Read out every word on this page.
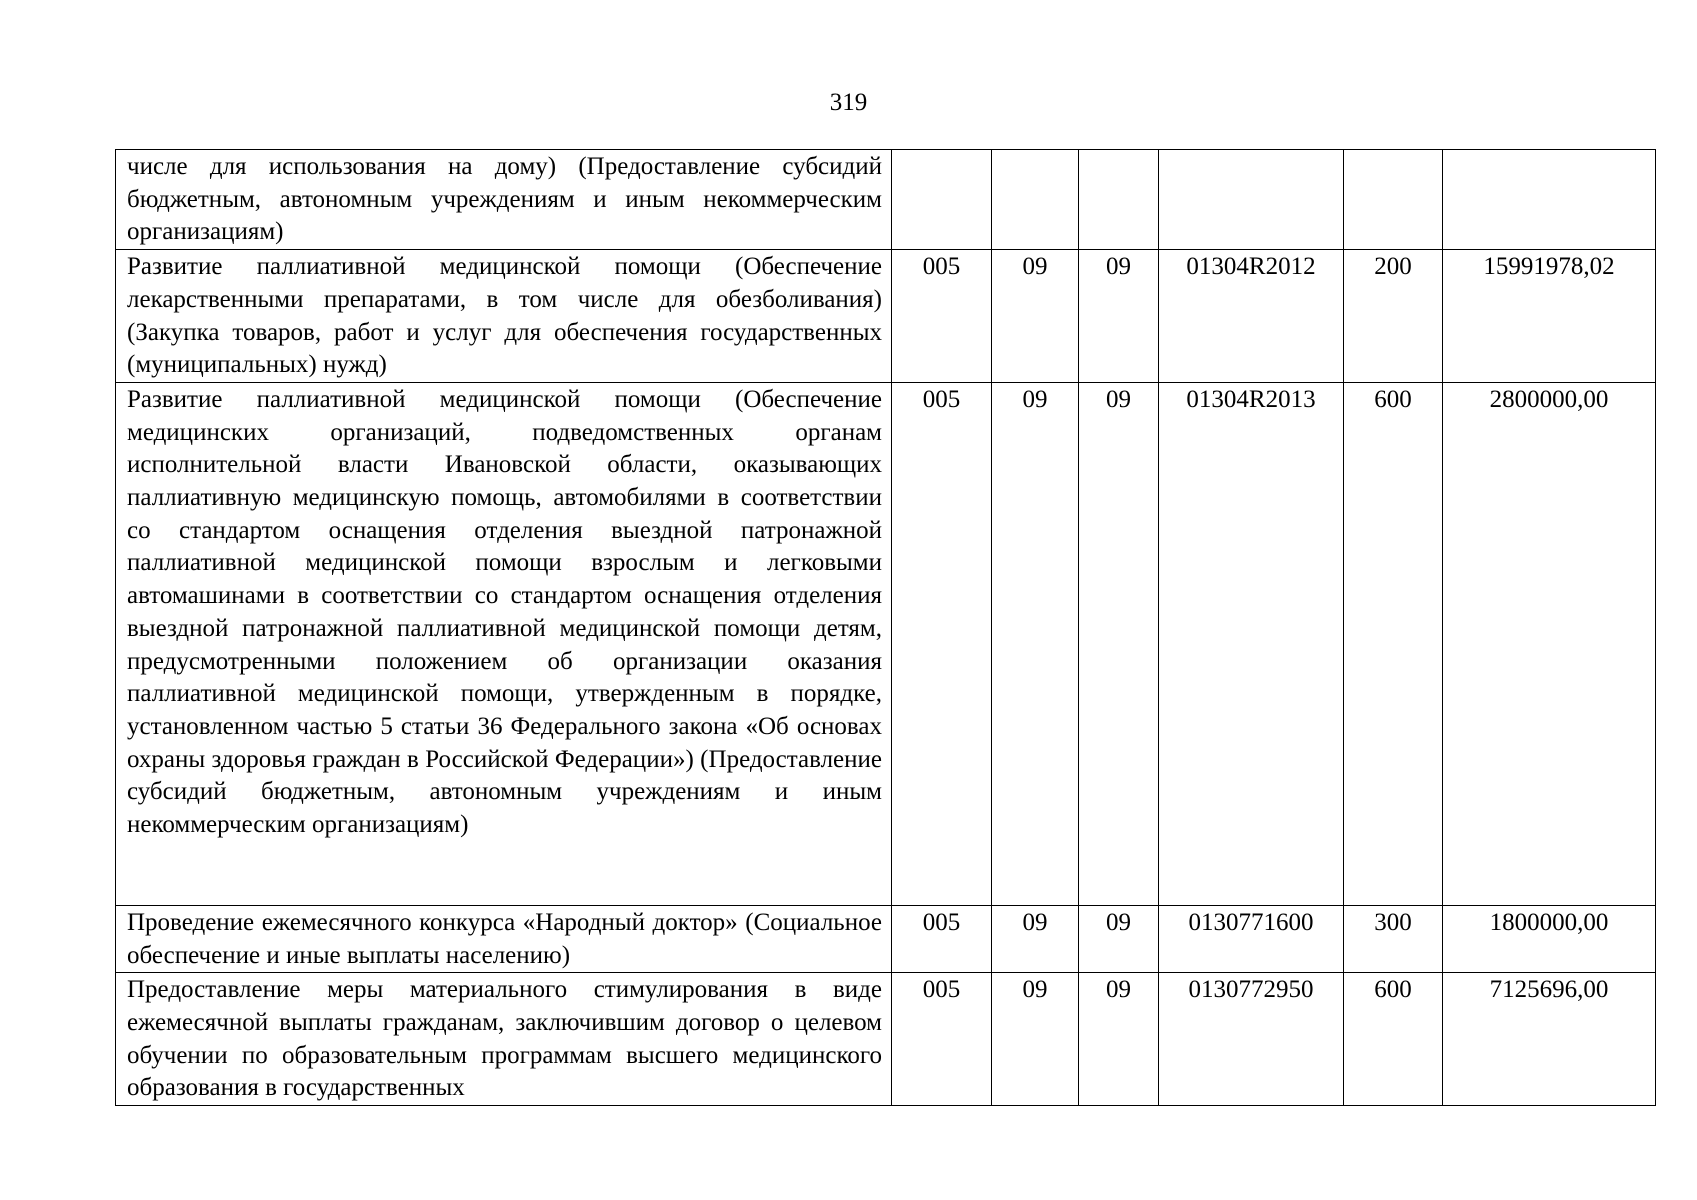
319
числе для использования на дому) (Предоставление субсидий бюджетным, автономным учреждениям и иным некоммерческим организациям)						
Развитие паллиативной медицинской помощи (Обеспечение лекарственными препаратами, в том числе для обезболивания) (Закупка товаров, работ и услуг для обеспечения государственных (муниципальных) нужд)	005	09	09	01304R2012	200	15991978,02
Развитие паллиативной медицинской помощи (Обеспечение медицинских организаций, подведомственных органам исполнительной власти Ивановской области, оказывающих паллиативную медицинскую помощь, автомобилями в соответствии со стандартом оснащения отделения выездной патронажной паллиативной медицинской помощи взрослым и легковыми автомашинами в соответствии со стандартом оснащения отделения выездной патронажной паллиативной медицинской помощи детям, предусмотренными положением об организации оказания паллиативной медицинской помощи, утвержденным в порядке, установленном частью 5 статьи 36 Федерального закона «Об основах охраны здоровья граждан в Российской Федерации») (Предоставление субсидий бюджетным, автономным учреждениям и иным некоммерческим организациям)	005	09	09	01304R2013	600	2800000,00
Проведение ежемесячного конкурса «Народный доктор» (Социальное обеспечение и иные выплаты населению)	005	09	09	0130771600	300	1800000,00
Предоставление меры материального стимулирования в виде ежемесячной выплаты гражданам, заключившим договор о целевом обучении по образовательным программам высшего медицинского образования в государственных	005	09	09	0130772950	600	7125696,00
